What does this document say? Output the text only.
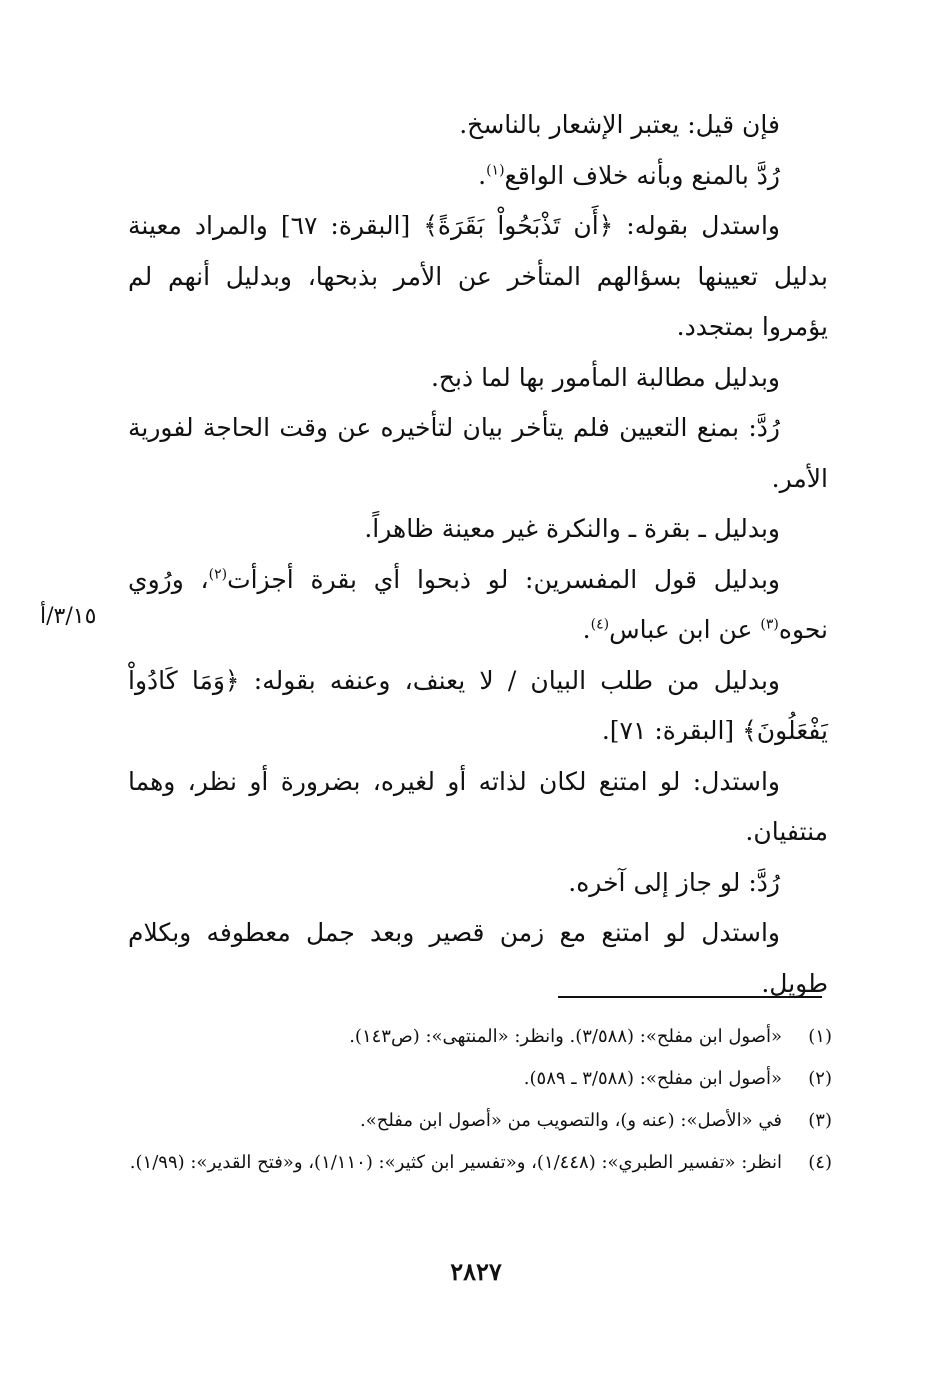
فإن قيل: يعتبر الإشعار بالناسخ.

رُدَّ بالمنع وبأنه خلاف الواقع$^{(١)}$.

واستدل بقوله: ﴿أَن تَذْبَحُواْ بَقَرَةً﴾ [البقرة: ٦٧] والمراد معينة بدليل تعيينها بسؤالهم المتأخر عن الأمر بذبحها، وبدليل أنهم لم يؤمروا بمتجدد.

وبدليل مطالبة المأمور بها لما ذبح.

رُدَّ: بمنع التعيين فلم يتأخر بيان لتأخيره عن وقت الحاجة لفورية الأمر.

وبدليل ـ بقرة ـ والنكرة غير معينة ظاهراً.

وبدليل قول المفسرين: لو ذبحوا أي بقرة أجزأت$^{(٢)}$، ورُوي نحوه$^{(٣)}$ عن ابن عباس$^{(٤)}$.

وبدليل من طلب البيان / لا يعنف، وعنفه بقوله: ﴿وَمَا كَادُواْ يَفْعَلُونَ﴾ [البقرة: ٧١].

واستدل: لو امتنع لكان لذاته أو لغيره، بضرورة أو نظر، وهما منتفيان.

رُدَّ: لو جاز إلى آخره.

واستدل لو امتنع مع زمن قصير وبعد جمل معطوفه وبكلام طويل.

٣/١٥/أ
(١)
«أصول ابن مفلح»: (٣/٥٨٨). وانظر: «المنتهى»: (ص١٤٣).
(٢)
«أصول ابن مفلح»: (٣/٥٨٨ ـ ٥٨٩).
(٣)
في «الأصل»: (عنه و)، والتصويب من «أصول ابن مفلح».
(٤)
انظر: «تفسير الطبري»: (١/٤٤٨)، و«تفسير ابن كثير»: (١/١١٠)، و«فتح القدير»: (١/٩٩).
٢٨٢٧
